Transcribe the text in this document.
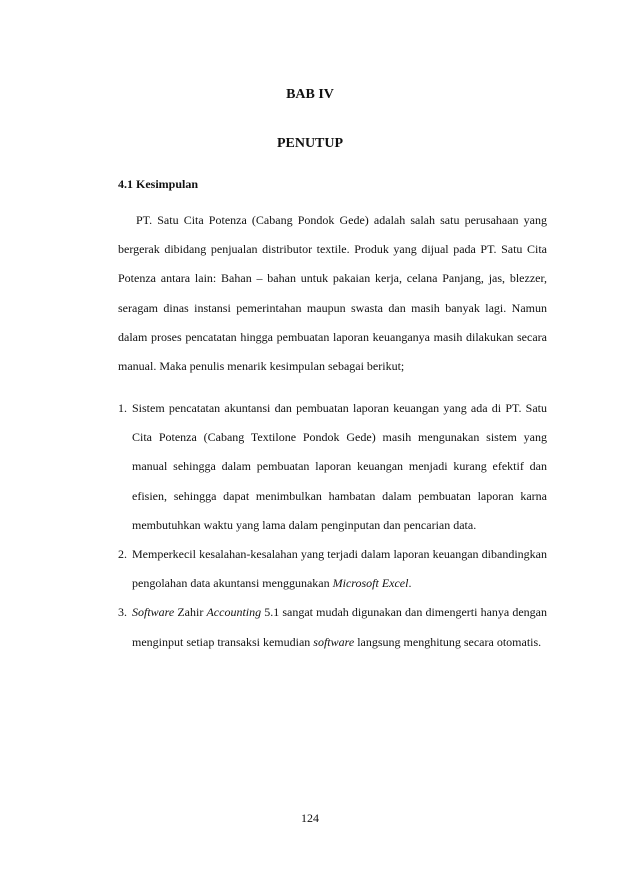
BAB IV
PENUTUP
4.1 Kesimpulan

PT. Satu Cita Potenza (Cabang Pondok Gede) adalah salah satu perusahaan yang bergerak dibidang penjualan distributor textile. Produk yang dijual pada PT. Satu Cita Potenza antara lain: Bahan – bahan untuk pakaian kerja, celana Panjang, jas, blezzer, seragam dinas instansi pemerintahan maupun swasta dan masih banyak lagi. Namun dalam proses pencatatan hingga pembuatan laporan keuanganya masih dilakukan secara manual. Maka penulis menarik kesimpulan sebagai berikut;

1. Sistem pencatatan akuntansi dan pembuatan laporan keuangan yang ada di PT. Satu Cita Potenza (Cabang Textilone Pondok Gede) masih mengunakan sistem yang manual sehingga dalam pembuatan laporan keuangan menjadi kurang efektif dan efisien, sehingga dapat menimbulkan hambatan dalam pembuatan laporan karna membutuhkan waktu yang lama dalam penginputan dan pencarian data.
2. Memperkecil kesalahan-kesalahan yang terjadi dalam laporan keuangan dibandingkan pengolahan data akuntansi menggunakan Microsoft Excel.
3. Software Zahir Accounting 5.1 sangat mudah digunakan dan dimengerti hanya dengan menginput setiap transaksi kemudian software langsung menghitung secara otomatis.
124
